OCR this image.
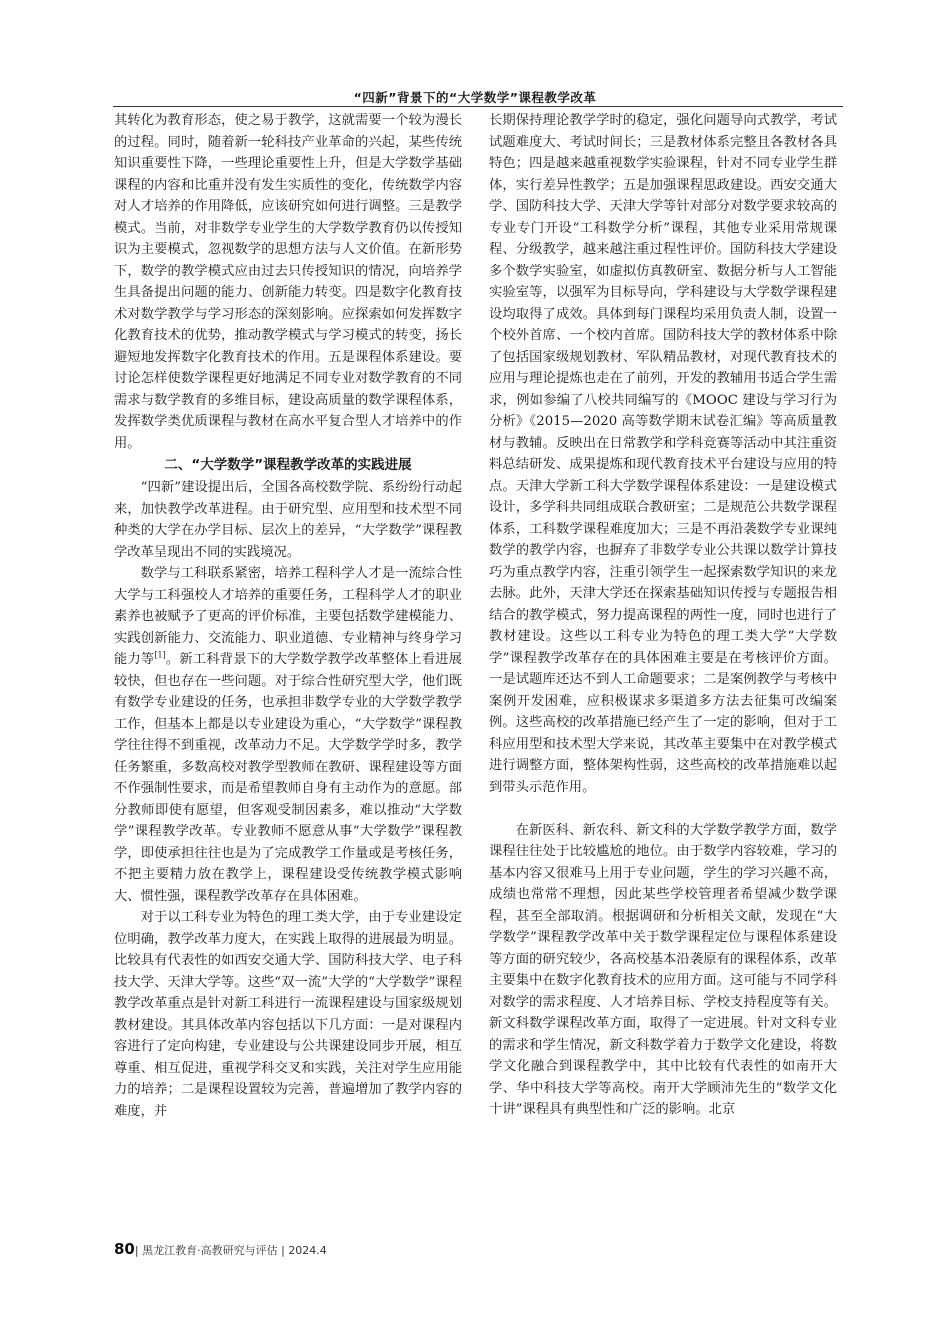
“四新”背景下的“大学数学”课程教学改革

其转化为教育形态，使之易于教学，这就需要一个较为漫长的过程。同时，随着新一轮科技产业革命的兴起，某些传统知识重要性下降，一些理论重要性上升，但是大学数学基础课程的内容和比重并没有发生实质性的变化，传统数学内容对人才培养的作用降低，应该研究如何进行调整。三是教学模式。当前，对非数学专业学生的大学数学教育仍以传授知识为主要模式，忽视数学的思想方法与人文价值。在新形势下，数学的教学模式应由过去只传授知识的情况，向培养学生具备提出问题的能力、创新能力转变。四是数字化教育技术对数学教学与学习形态的深刻影响。应探索如何发挥数字化教育技术的优势，推动教学模式与学习模式的转变，扬长避短地发挥数字化教育技术的作用。五是课程体系建设。要讨论怎样使数学课程更好地满足不同专业对数学教育的不同需求与数学教育的多维目标，建设高质量的数学课程体系，发挥数学类优质课程与教材在高水平复合型人才培养中的作用。

二、“大学数学”课程教学改革的实践进展

“四新”建设提出后，全国各高校数学院、系纷纷行动起来，加快教学改革进程。由于研究型、应用型和技术型不同种类的大学在办学目标、层次上的差异，“大学数学”课程教学改革呈现出不同的实践境况。

数学与工科联系紧密，培养工程科学人才是一流综合性大学与工科强校人才培养的重要任务，工程科学人才的职业素养也被赋予了更高的评价标准，主要包括数学建模能力、实践创新能力、交流能力、职业道德、专业精神与终身学习能力等[1]。新工科背景下的大学数学教学改革整体上看进展较快，但也存在一些问题。对于综合性研究型大学，他们既有数学专业建设的任务，也承担非数学专业的大学数学教学工作，但基本上都是以专业建设为重心，“大学数学”课程教学往往得不到重视，改革动力不足。大学数学学时多，教学任务繁重，多数高校对教学型教师在教研、课程建设等方面不作强制性要求，而是希望教师自身有主动作为的意愿。部分教师即使有愿望，但客观受制因素多，难以推动“大学数学”课程教学改革。专业教师不愿意从事“大学数学”课程教学，即使承担往往也是为了完成教学工作量或是考核任务，不把主要精力放在教学上，课程建设受传统教学模式影响大、惯性强，课程教学改革存在具体困难。

对于以工科专业为特色的理工类大学，由于专业建设定位明确，教学改革力度大，在实践上取得的进展最为明显。比较具有代表性的如西安交通大学、国防科技大学、电子科技大学、天津大学等。这些“双一流”大学的“大学数学”课程教学改革重点是针对新工科进行一流课程建设与国家级规划教材建设。其具体改革内容包括以下几方面：一是对课程内容进行了定向构建，专业建设与公共课建设同步开展，相互尊重、相互促进，重视学科交叉和实践，关注对学生应用能力的培养；二是课程设置较为完善，普遍增加了教学内容的难度，并

长期保持理论教学学时的稳定，强化问题导向式教学，考试试题难度大、考试时间长；三是教材体系完整且各教材各具特色；四是越来越重视数学实验课程，针对不同专业学生群体，实行差异性教学；五是加强课程思政建设。西安交通大学、国防科技大学、天津大学等针对部分对数学要求较高的专业专门开设“工科数学分析”课程，其他专业采用常规课程、分级教学，越来越注重过程性评价。国防科技大学建设多个数学实验室，如虚拟仿真教研室、数据分析与人工智能实验室等，以强军为目标导向，学科建设与大学数学课程建设均取得了成效。具体到每门课程均采用负责人制，设置一个校外首席、一个校内首席。国防科技大学的教材体系中除了包括国家级规划教材、军队精品教材，对现代教育技术的应用与理论提炼也走在了前列，开发的教辅用书适合学生需求，例如参编了八校共同编写的《MOOC 建设与学习行为分析》《2015—2020 高等数学期末试卷汇编》等高质量教材与教辅。反映出在日常教学和学科竞赛等活动中其注重资料总结研发、成果提炼和现代教育技术平台建设与应用的特点。天津大学新工科大学数学课程体系建设：一是建设模式设计，多学科共同组成联合教研室；二是规范公共数学课程体系，工科数学课程难度加大；三是不再沿袭数学专业课纯数学的教学内容，也摒弃了非数学专业公共课以数学计算技巧为重点教学内容，注重引领学生一起探索数学知识的来龙去脉。此外，天津大学还在探索基础知识传授与专题报告相结合的教学模式，努力提高课程的两性一度，同时也进行了教材建设。这些以工科专业为特色的理工类大学“大学数学”课程教学改革存在的具体困难主要是在考核评价方面。一是试题库还达不到人工命题要求；二是案例教学与考核中案例开发困难，应积极谋求多渠道多方法去征集可改编案例。这些高校的改革措施已经产生了一定的影响，但对于工科应用型和技术型大学来说，其改革主要集中在对教学模式进行调整方面，整体架构性弱，这些高校的改革措施难以起到带头示范作用。

在新医科、新农科、新文科的大学数学教学方面，数学课程往往处于比较尴尬的地位。由于数学内容较难，学习的基本内容又很难马上用于专业问题，学生的学习兴趣不高，成绩也常常不理想，因此某些学校管理者希望减少数学课程，甚至全部取消。根据调研和分析相关文献，发现在“大学数学”课程教学改革中关于数学课程定位与课程体系建设等方面的研究较少，各高校基本沿袭原有的课程体系，改革主要集中在数字化教育技术的应用方面。这可能与不同学科对数学的需求程度、人才培养目标、学校支持程度等有关。新文科数学课程改革方面，取得了一定进展。针对文科专业的需求和学生情况，新文科数学着力于数学文化建设，将数学文化融合到课程教学中，其中比较有代表性的如南开大学、华中科技大学等高校。南开大学顾沛先生的“数学文化十讲”课程具有典型性和广泛的影响。北京

80| 黑龙江教育·高教研究与评估 | 2024.4
